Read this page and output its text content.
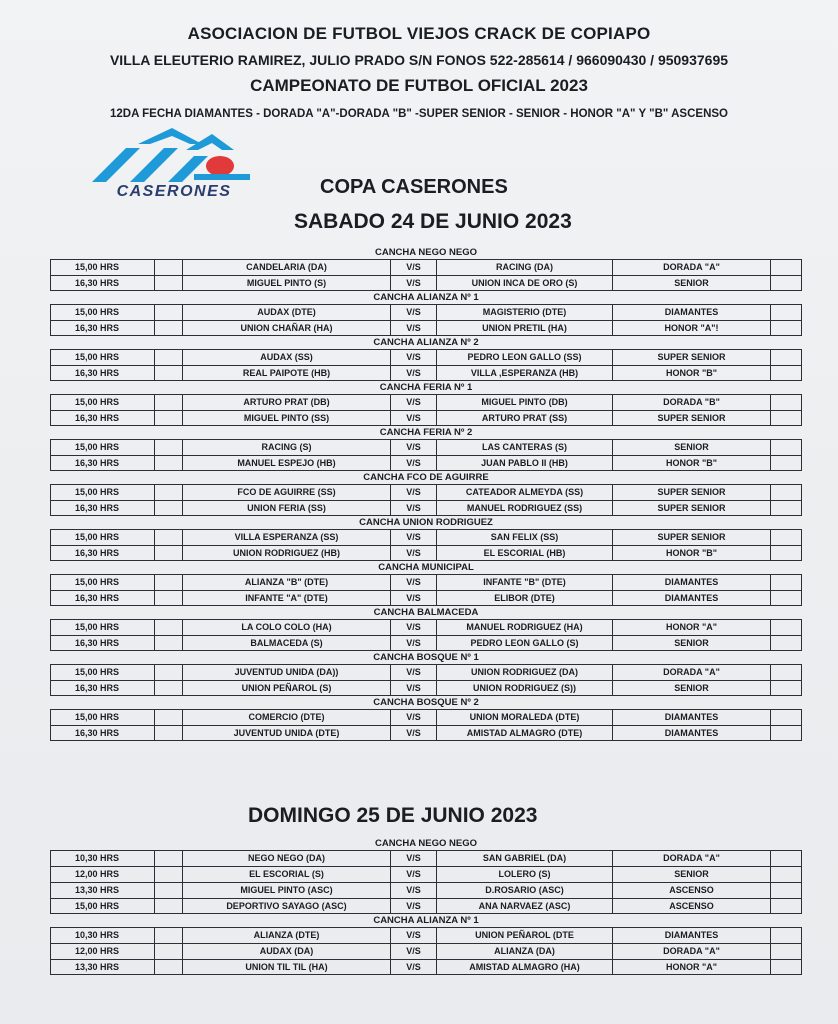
ASOCIACION DE FUTBOL VIEJOS CRACK DE COPIAPO
VILLA ELEUTERIO RAMIREZ, JULIO PRADO S/N FONOS 522-285614 / 966090430 / 950937695
CAMPEONATO DE FUTBOL OFICIAL 2023
12DA FECHA DIAMANTES - DORADA "A"-DORADA "B" -SUPER SENIOR - SENIOR - HONOR "A" Y "B" ASCENSO
CASERONES	COPA CASERONES
SABADO 24 DE JUNIO 2023
DOMINGO 25 DE JUNIO 2023
CANCHA NEGO NEGO
15,00 HRS	CANDELARIA (DA)	V/S	RACING (DA)	DORADA "A"
16,30 HRS	MIGUEL PINTO (S)	V/S	UNION INCA DE ORO (S)	SENIOR
CANCHA ALIANZA Nº 1
15,00 HRS	AUDAX (DTE)	V/S	MAGISTERIO (DTE)	DIAMANTES
16,30 HRS	UNION CHAÑAR (HA)	V/S	UNION PRETIL (HA)	HONOR "A"!
CANCHA ALIANZA Nº 2
15,00 HRS	AUDAX (SS)	V/S	PEDRO LEON GALLO (SS)	SUPER SENIOR
16,30 HRS	REAL PAIPOTE (HB)	V/S	VILLA ,ESPERANZA (HB)	HONOR "B"
CANCHA FERIA Nº 1
15,00 HRS	ARTURO PRAT (DB)	V/S	MIGUEL PINTO (DB)	DORADA "B"
16,30 HRS	MIGUEL PINTO (SS)	V/S	ARTURO PRAT (SS)	SUPER SENIOR
CANCHA FERIA Nº 2
15,00 HRS	RACING (S)	V/S	LAS CANTERAS (S)	SENIOR
16,30 HRS	MANUEL ESPEJO (HB)	V/S	JUAN PABLO II (HB)	HONOR "B"
CANCHA FCO DE AGUIRRE
15,00 HRS	FCO DE AGUIRRE (SS)	V/S	CATEADOR ALMEYDA (SS)	SUPER SENIOR
16,30 HRS	UNION FERIA (SS)	V/S	MANUEL RODRIGUEZ (SS)	SUPER SENIOR
CANCHA UNION RODRIGUEZ
15,00 HRS	VILLA ESPERANZA (SS)	V/S	SAN FELIX (SS)	SUPER SENIOR
16,30 HRS	UNION RODRIGUEZ (HB)	V/S	EL ESCORIAL (HB)	HONOR "B"
CANCHA MUNICIPAL
15,00 HRS	ALIANZA "B" (DTE)	V/S	INFANTE "B" (DTE)	DIAMANTES
16,30 HRS	INFANTE "A" (DTE)	V/S	ELIBOR (DTE)	DIAMANTES
CANCHA BALMACEDA
15,00 HRS	LA COLO COLO (HA)	V/S	MANUEL RODRIGUEZ (HA)	HONOR "A"
16,30 HRS	BALMACEDA (S)	V/S	PEDRO LEON GALLO (S)	SENIOR
CANCHA BOSQUE Nº 1
15,00 HRS	JUVENTUD UNIDA (DA))	V/S	UNION RODRIGUEZ (DA)	DORADA "A"
16,30 HRS	UNION PEÑAROL (S)	V/S	UNION RODRIGUEZ (S))	SENIOR
CANCHA BOSQUE Nº 2
15,00 HRS	COMERCIO (DTE)	V/S	UNION MORALEDA (DTE)	DIAMANTES
16,30 HRS	JUVENTUD UNIDA (DTE)	V/S	AMISTAD ALMAGRO (DTE)	DIAMANTES
CANCHA NEGO NEGO
10,30 HRS	NEGO NEGO (DA)	V/S	SAN GABRIEL (DA)	DORADA "A"
12,00 HRS	EL ESCORIAL (S)	V/S	LOLERO (S)	SENIOR
13,30 HRS	MIGUEL PINTO (ASC)	V/S	D.ROSARIO (ASC)	ASCENSO
15,00 HRS	DEPORTIVO SAYAGO (ASC)	V/S	ANA NARVAEZ (ASC)	ASCENSO
CANCHA ALIANZA Nº 1
10,30 HRS	ALIANZA (DTE)	V/S	UNION PEÑAROL (DTE	DIAMANTES
12,00 HRS	AUDAX (DA)	V/S	ALIANZA (DA)	DORADA "A"
13,30 HRS	UNION TIL TIL (HA)	V/S	AMISTAD ALMAGRO (HA)	HONOR "A"
